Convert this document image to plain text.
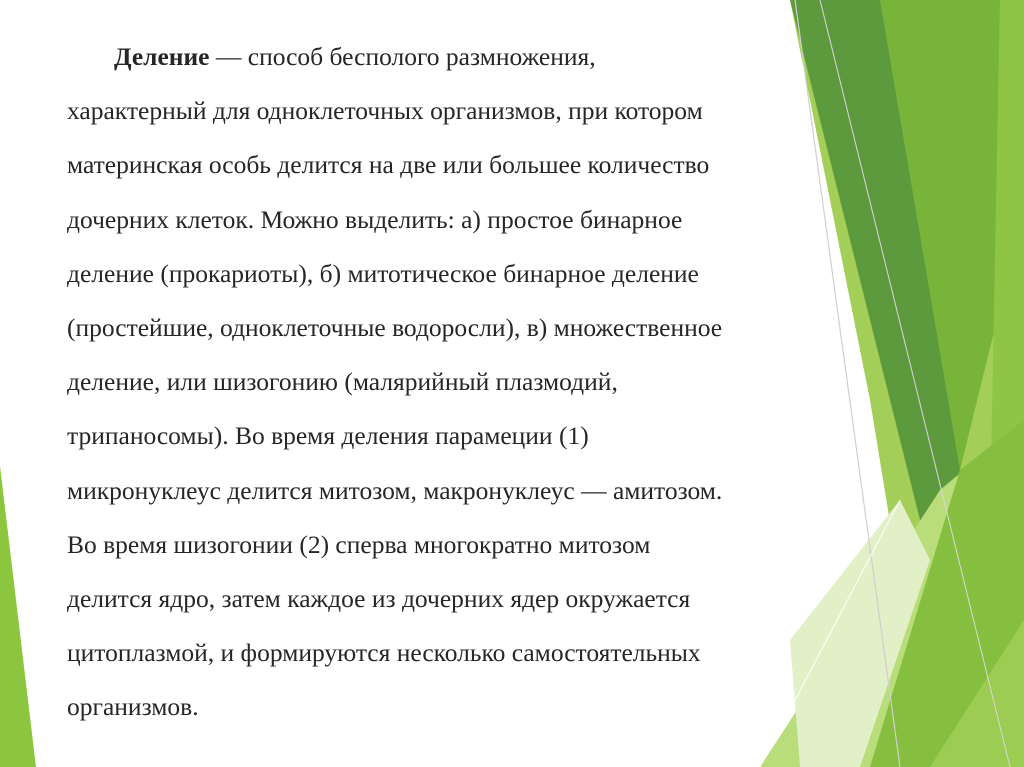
Деление — способ бесполого размножения,
характерный для одноклеточных организмов, при котором
материнская особь делится на две или большее количество
дочерних клеток. Можно выделить: а) простое бинарное
деление (прокариоты), б) митотическое бинарное деление
(простейшие, одноклеточные водоросли), в) множественное
деление, или шизогонию (малярийный плазмодий,
трипаносомы). Во время деления парамеции (1)
микронуклеус делится митозом, макронуклеус — амитозом.
Во время шизогонии (2) сперва многократно митозом
делится ядро, затем каждое из дочерних ядер окружается
цитоплазмой, и формируются несколько самостоятельных
организмов.
